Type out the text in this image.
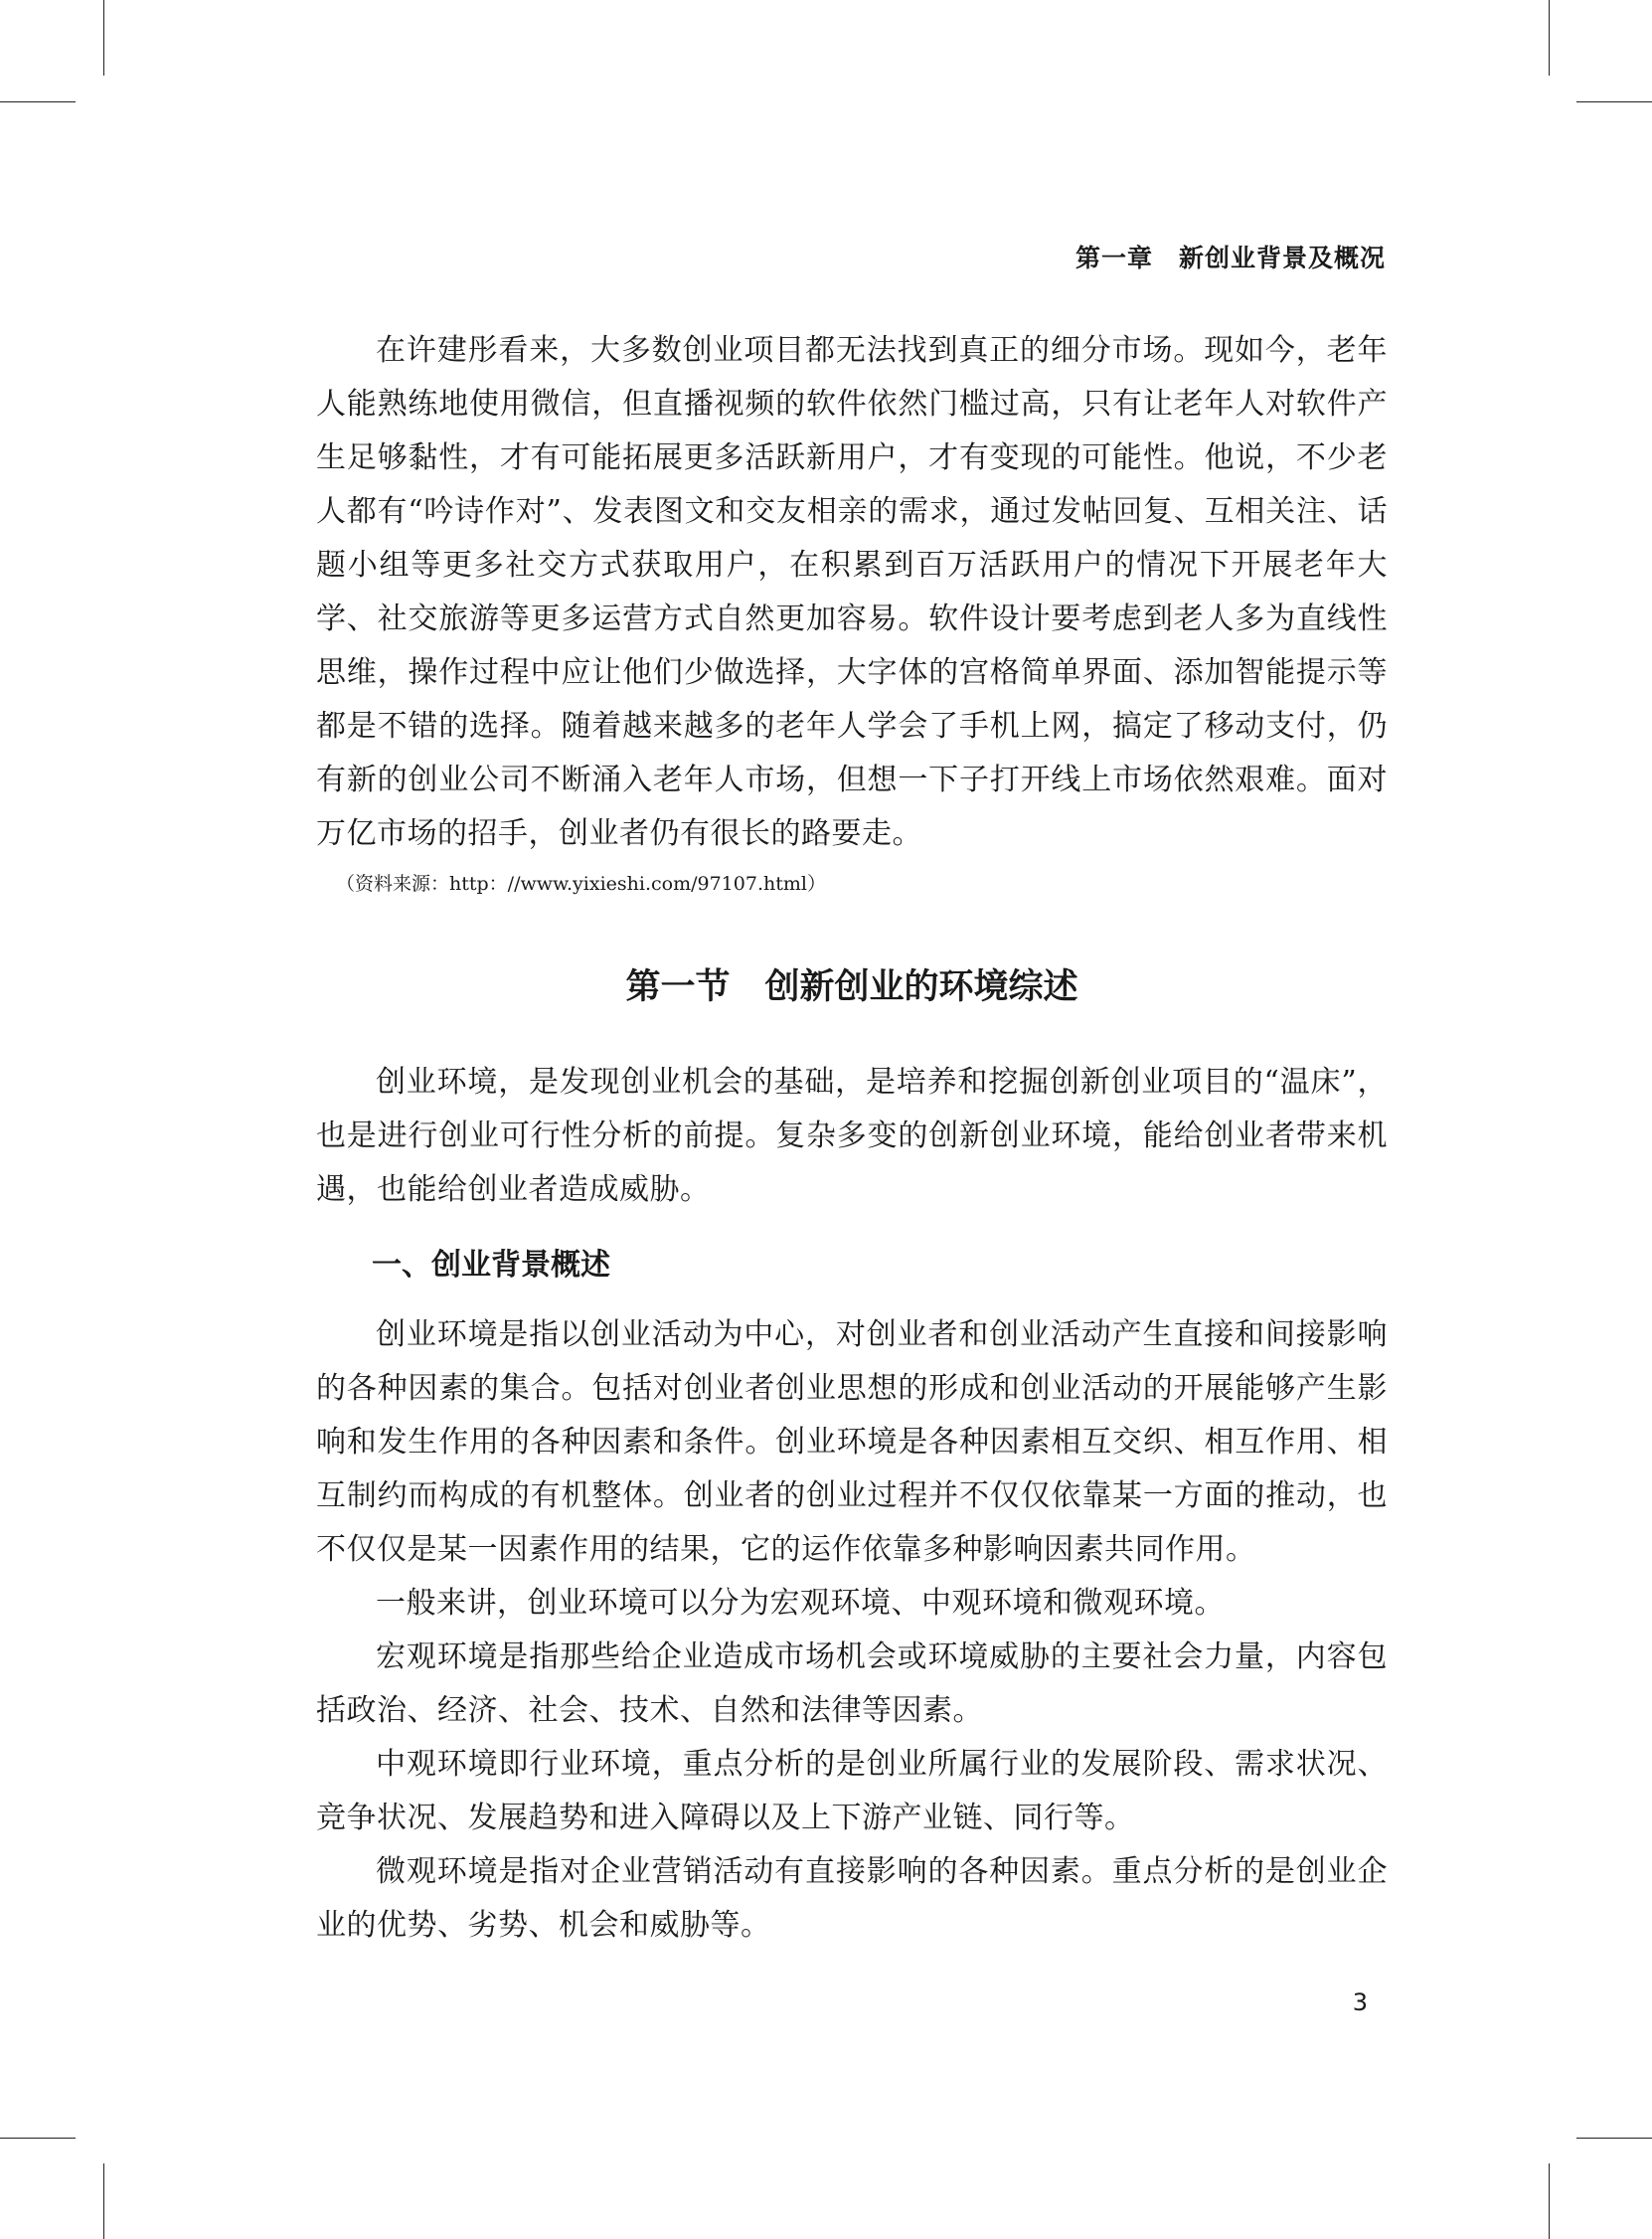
第一章　新创业背景及概况

在许建彤看来，大多数创业项目都无法找到真正的细分市场。现如今，老年人能熟练地使用微信，但直播视频的软件依然门槛过高，只有让老年人对软件产生足够黏性，才有可能拓展更多活跃新用户，才有变现的可能性。他说，不少老人都有“吟诗作对”、发表图文和交友相亲的需求，通过发帖回复、互相关注、话题小组等更多社交方式获取用户，在积累到百万活跃用户的情况下开展老年大学、社交旅游等更多运营方式自然更加容易。软件设计要考虑到老人多为直线性思维，操作过程中应让他们少做选择，大字体的宫格简单界面、添加智能提示等都是不错的选择。随着越来越多的老年人学会了手机上网，搞定了移动支付，仍有新的创业公司不断涌入老年人市场，但想一下子打开线上市场依然艰难。面对万亿市场的招手，创业者仍有很长的路要走。

（资料来源：http：//www.yixieshi.com/97107.html）

第一节　创新创业的环境综述

创业环境，是发现创业机会的基础，是培养和挖掘创新创业项目的“温床”，也是进行创业可行性分析的前提。复杂多变的创新创业环境，能给创业者带来机遇，也能给创业者造成威胁。

一、创业背景概述

创业环境是指以创业活动为中心，对创业者和创业活动产生直接和间接影响的各种因素的集合。包括对创业者创业思想的形成和创业活动的开展能够产生影响和发生作用的各种因素和条件。创业环境是各种因素相互交织、相互作用、相互制约而构成的有机整体。创业者的创业过程并不仅仅依靠某一方面的推动，也不仅仅是某一因素作用的结果，它的运作依靠多种影响因素共同作用。

一般来讲，创业环境可以分为宏观环境、中观环境和微观环境。

宏观环境是指那些给企业造成市场机会或环境威胁的主要社会力量，内容包括政治、经济、社会、技术、自然和法律等因素。

中观环境即行业环境，重点分析的是创业所属行业的发展阶段、需求状况、竞争状况、发展趋势和进入障碍以及上下游产业链、同行等。

微观环境是指对企业营销活动有直接影响的各种因素。重点分析的是创业企业的优势、劣势、机会和威胁等。

3
